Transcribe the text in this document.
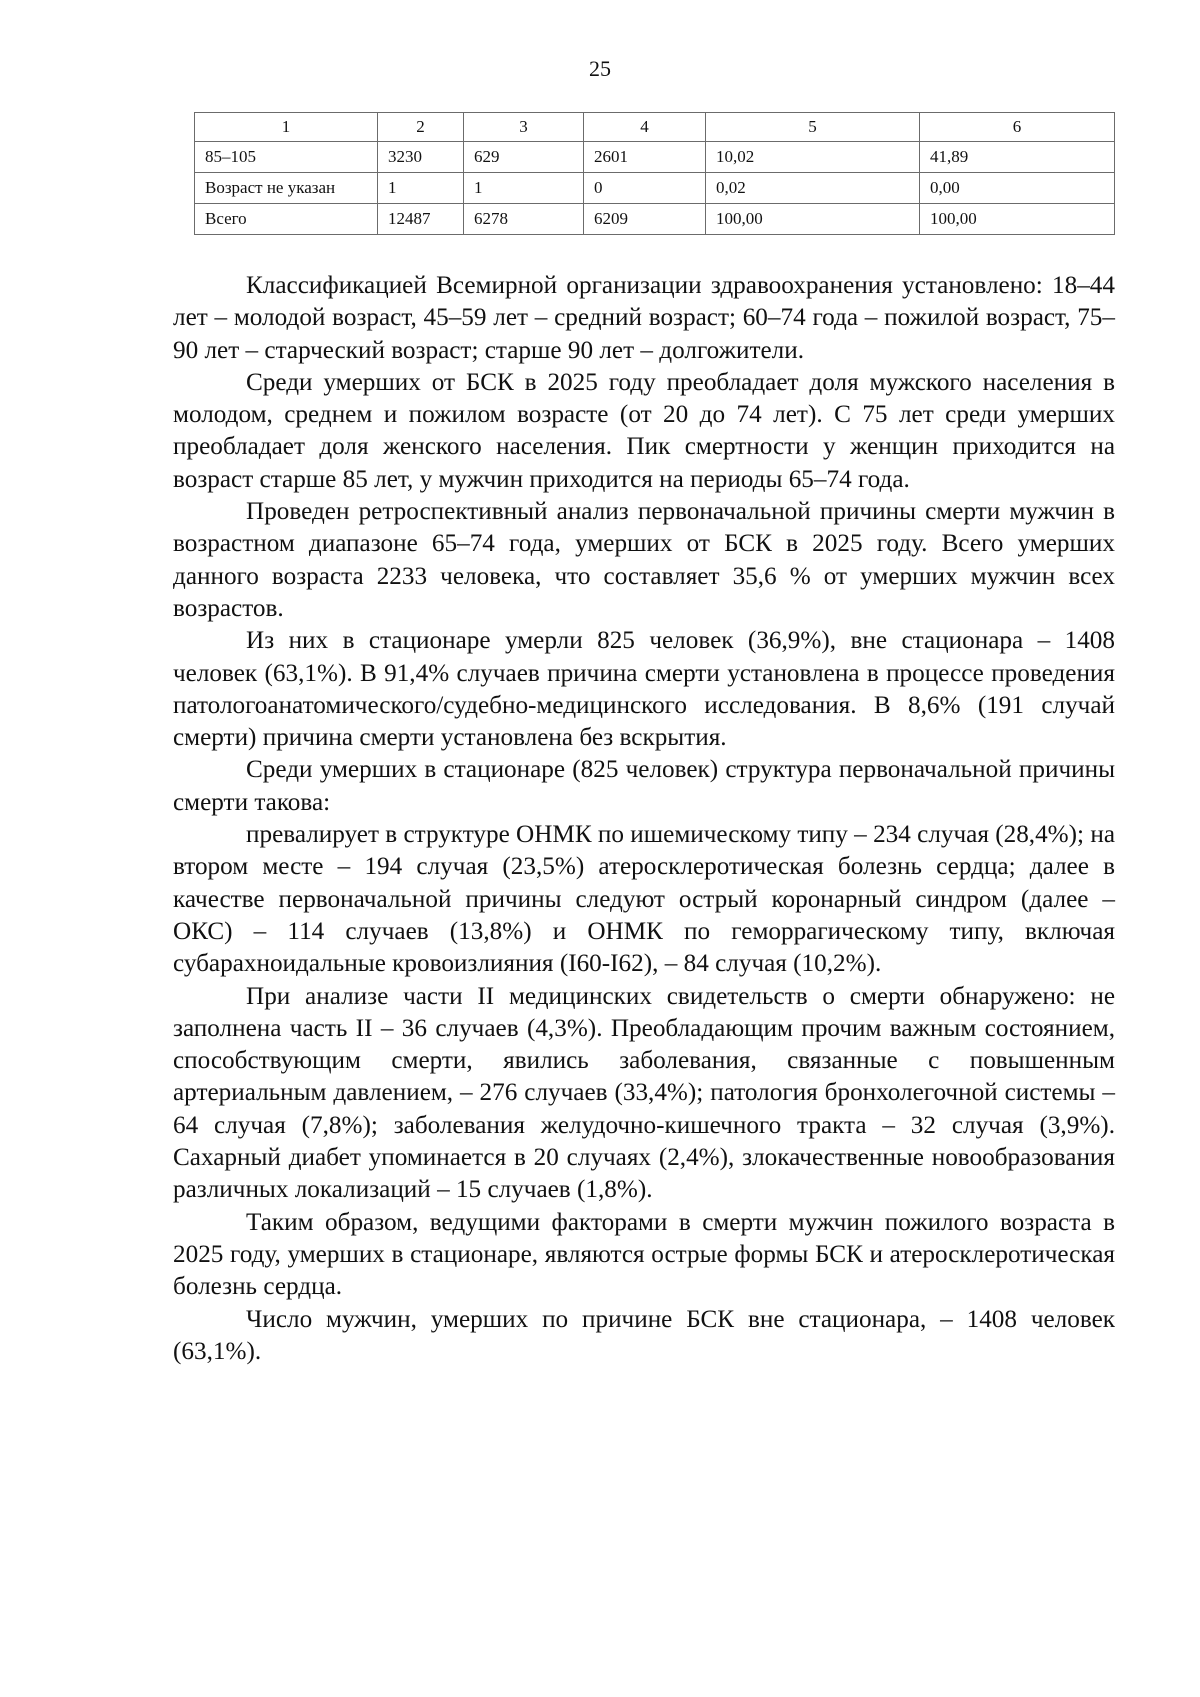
25
1	2	3	4	5	6
85–105	3230	629	2601	10,02	41,89
Возраст не указан	1	1	0	0,02	0,00
Всего	12487	6278	6209	100,00	100,00

Классификацией Всемирной организации здравоохранения установлено: 18–44 лет – молодой возраст, 45–59 лет – средний возраст; 60–74 года – пожилой возраст, 75–90 лет – старческий возраст; старше 90 лет – долгожители.

Среди умерших от БСК в 2025 году преобладает доля мужского населения в молодом, среднем и пожилом возрасте (от 20 до 74 лет). С 75 лет среди умерших преобладает доля женского населения. Пик смертности у женщин приходится на возраст старше 85 лет, у мужчин приходится на периоды 65–74 года.

Проведен ретроспективный анализ первоначальной причины смерти мужчин в возрастном диапазоне 65–74 года, умерших от БСК в 2025 году. Всего умерших данного возраста 2233 человека, что составляет 35,6 % от умерших мужчин всех возрастов.

Из них в стационаре умерли 825 человек (36,9%), вне стационара – 1408 человек (63,1%). В 91,4% случаев причина смерти установлена в процессе проведения патологоанатомического/судебно-медицинского исследования. В 8,6% (191 случай смерти) причина смерти установлена без вскрытия.

Среди умерших в стационаре (825 человек) структура первоначальной причины смерти такова:

превалирует в структуре ОНМК по ишемическому типу – 234 случая (28,4%); на втором месте – 194 случая (23,5%) атеросклеротическая болезнь сердца; далее в качестве первоначальной причины следуют острый коронарный синдром (далее – ОКС) – 114 случаев (13,8%) и ОНМК по геморрагическому типу, включая субарахноидальные кровоизлияния (I60-I62), – 84 случая (10,2%).

При анализе части II медицинских свидетельств о смерти обнаружено: не заполнена часть II – 36 случаев (4,3%). Преобладающим прочим важным состоянием, способствующим смерти, явились заболевания, связанные с повышенным артериальным давлением, – 276 случаев (33,4%); патология бронхолегочной системы – 64 случая (7,8%); заболевания желудочно-кишечного тракта – 32 случая (3,9%). Сахарный диабет упоминается в 20 случаях (2,4%), злокачественные новообразования различных локализаций – 15 случаев (1,8%).

Таким образом, ведущими факторами в смерти мужчин пожилого возраста в 2025 году, умерших в стационаре, являются острые формы БСК и атеросклеротическая болезнь сердца.

Число мужчин, умерших по причине БСК вне стационара, – 1408 человек (63,1%).
